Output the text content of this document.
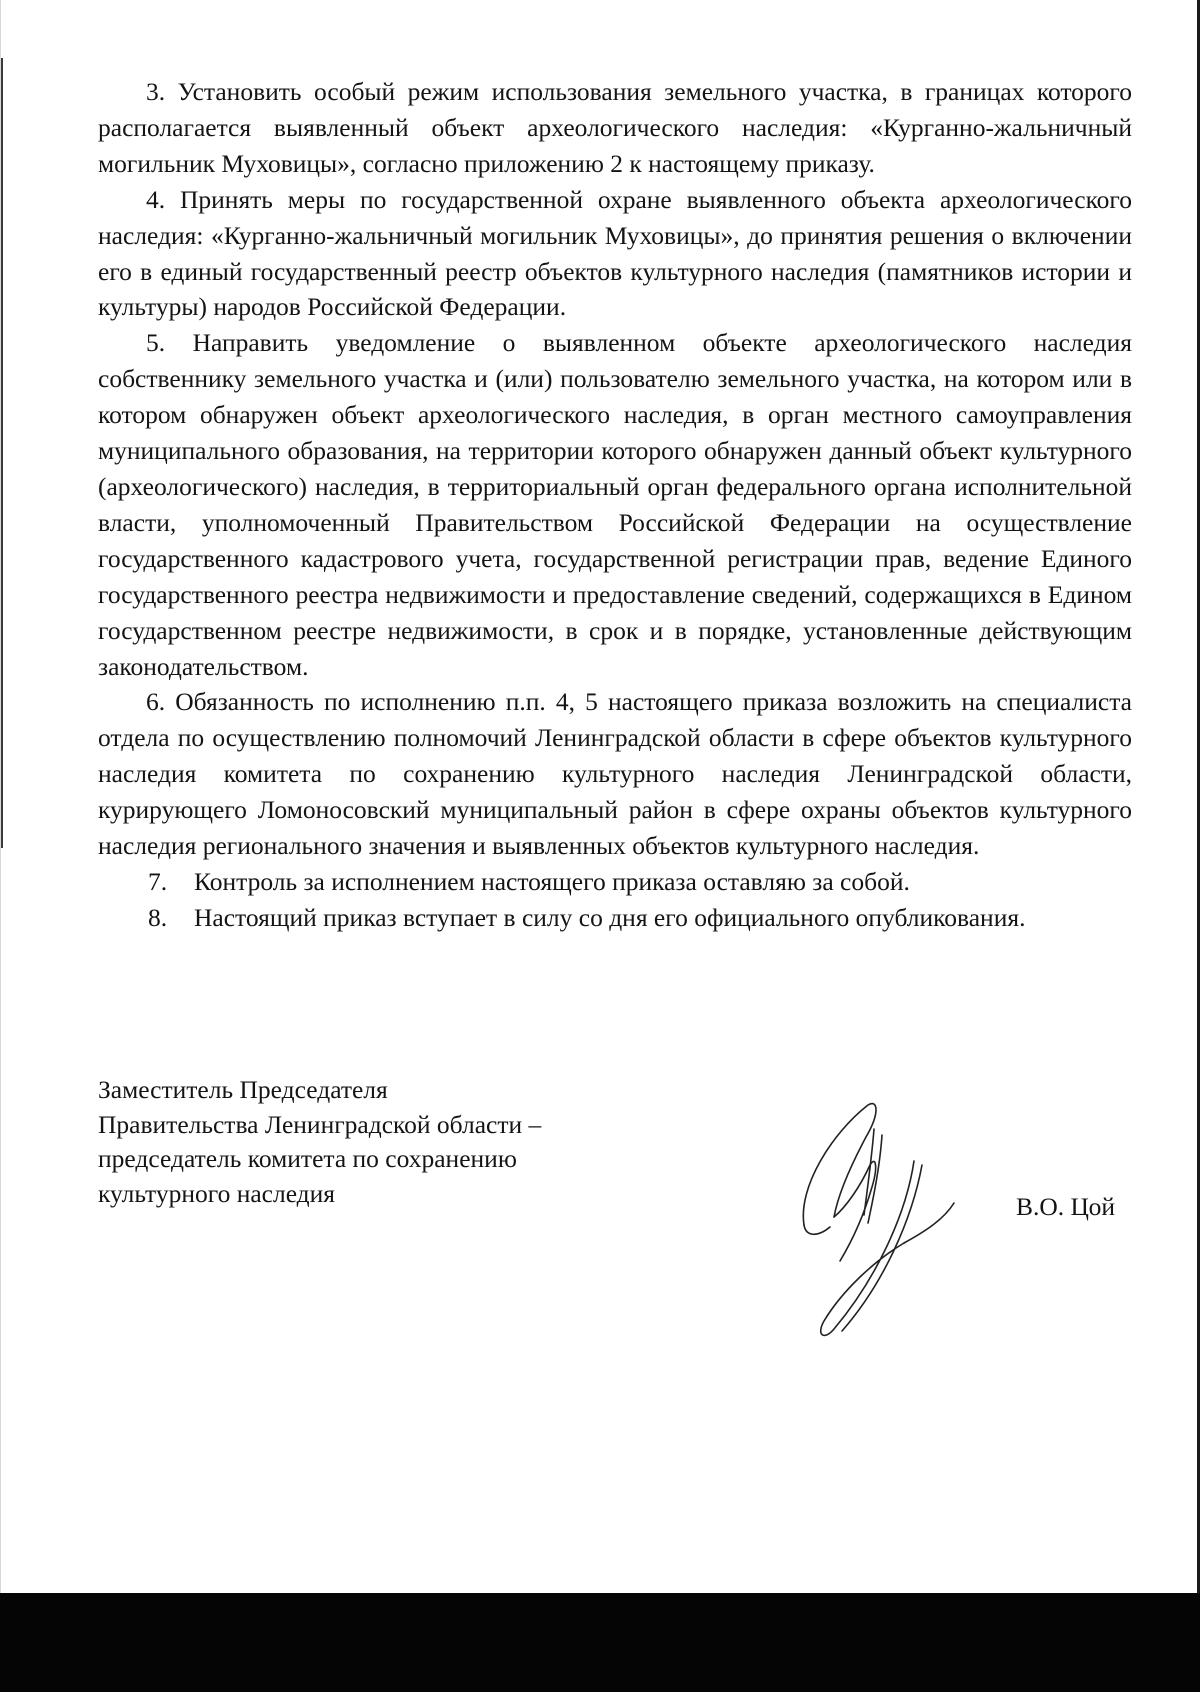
3. Установить особый режим использования земельного участка, в границах которого располагается выявленный объект археологического наследия: «Курганно-жальничный могильник Муховицы», согласно приложению 2 к настоящему приказу.

4. Принять меры по государственной охране выявленного объекта археологического наследия: «Курганно-жальничный могильник Муховицы», до принятия решения о включении его в единый государственный реестр объектов культурного наследия (памятников истории и культуры) народов Российской Федерации.

5. Направить уведомление о выявленном объекте археологического наследия собственнику земельного участка и (или) пользователю земельного участка, на котором или в котором обнаружен объект археологического наследия, в орган местного самоуправления муниципального образования, на территории которого обнаружен данный объект культурного (археологического) наследия, в территориальный орган федерального органа исполнительной власти, уполномоченный Правительством Российской Федерации на осуществление государственного кадастрового учета, государственной регистрации прав, ведение Единого государственного реестра недвижимости и предоставление сведений, содержащихся в Едином государственном реестре недвижимости, в срок и в порядке, установленные действующим законодательством.

6. Обязанность по исполнению п.п. 4, 5 настоящего приказа возложить на специалиста отдела по осуществлению полномочий Ленинградской области в сфере объектов культурного наследия комитета по сохранению культурного наследия Ленинградской области, курирующего Ломоносовский муниципальный район в сфере охраны объектов культурного наследия регионального значения и выявленных объектов культурного наследия.

7.	Контроль за исполнением настоящего приказа оставляю за собой.

8.	Настоящий приказ вступает в силу со дня его официального опубликования.

Заместитель Председателя
Правительства Ленинградской области –
председатель комитета по сохранению
культурного наследия	В.О. Цой
